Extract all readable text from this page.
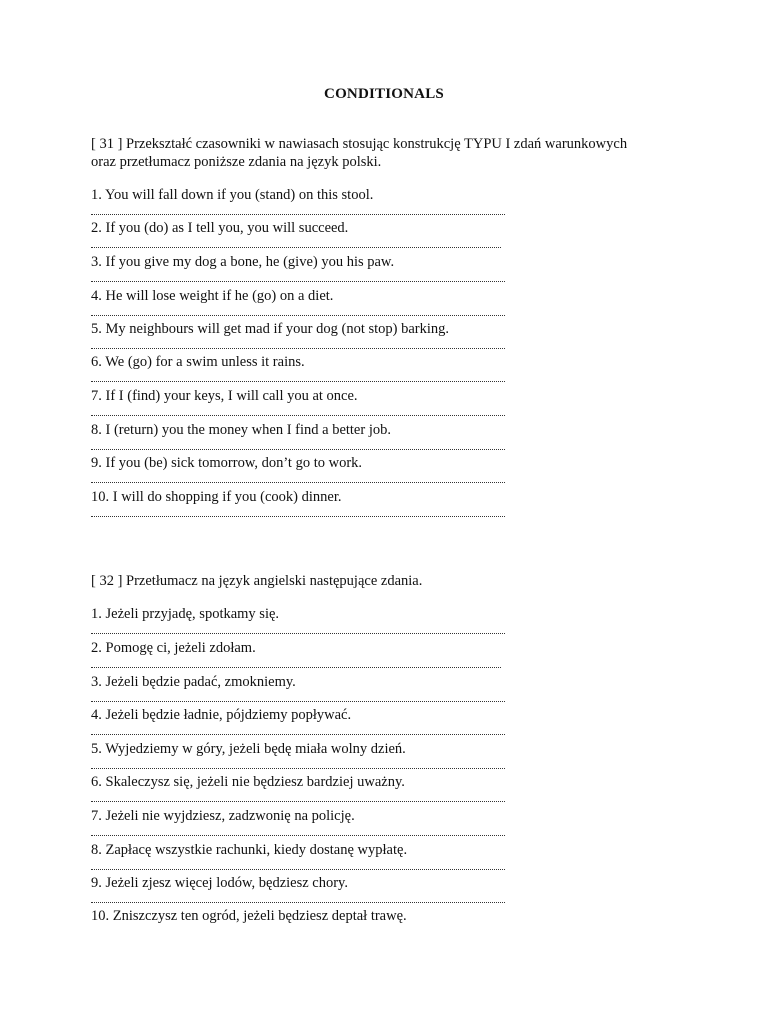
CONDITIONALS
[ 31 ] Przekształć czasowniki w nawiasach stosując konstrukcję TYPU I zdań warunkowych
oraz przetłumacz poniższe zdania na język polski.
1. You will fall down if you (stand) on this stool.
2. If you (do) as I tell you, you will succeed.
3. If you give my dog a bone, he (give) you his paw.
4. He will lose weight if he (go) on a diet.
5. My neighbours will get mad if your dog (not stop) barking.
6. We (go) for a swim unless it rains.
7. If I (find) your keys, I will call you at once.
8. I (return) you the money when I find a better job.
9. If you (be) sick tomorrow, don’t go to work.
10. I will do shopping if you (cook) dinner.
[ 32 ] Przetłumacz na język angielski następujące zdania.
1. Jeżeli przyjadę, spotkamy się.
2. Pomogę ci, jeżeli zdołam.
3. Jeżeli będzie padać, zmokniemy.
4. Jeżeli będzie ładnie, pójdziemy popływać.
5. Wyjedziemy w góry, jeżeli będę miała wolny dzień.
6. Skaleczysz się, jeżeli nie będziesz bardziej uważny.
7. Jeżeli nie wyjdziesz, zadzwonię na policję.
8. Zapłacę wszystkie rachunki, kiedy dostanę wypłatę.
9. Jeżeli zjesz więcej lodów, będziesz chory.
10. Zniszczysz ten ogród, jeżeli będziesz deptał trawę.
